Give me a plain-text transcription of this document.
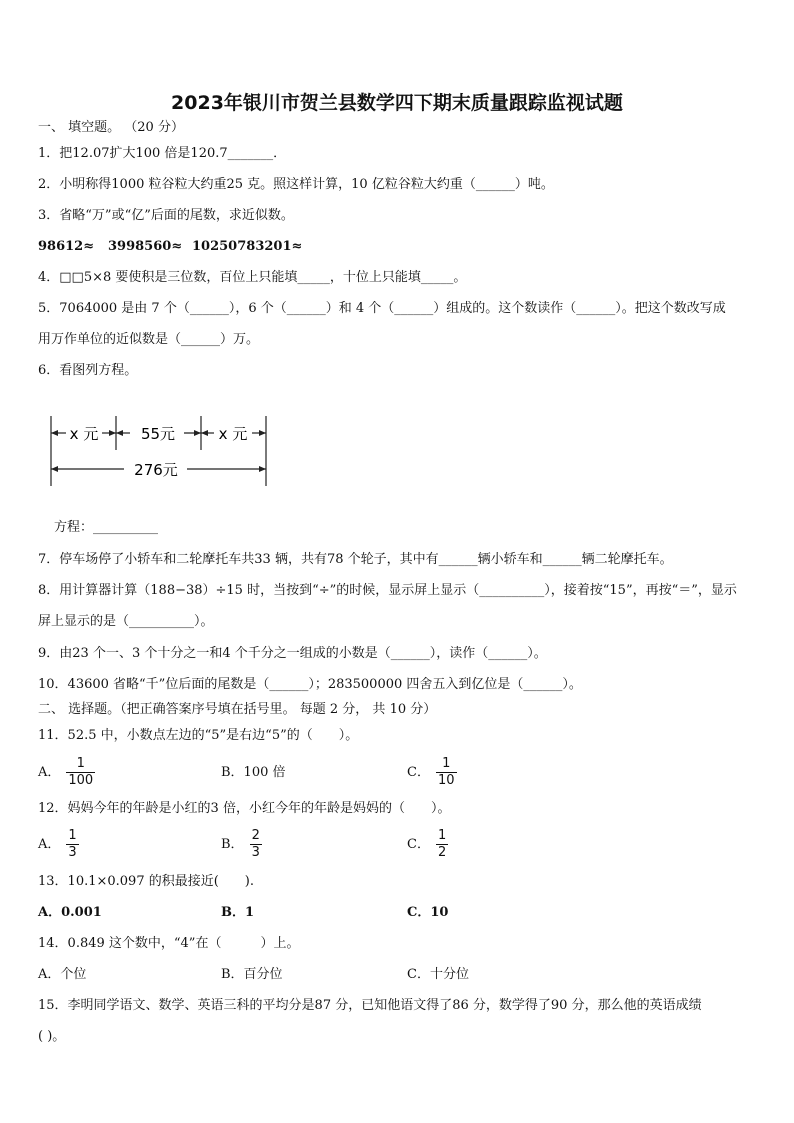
2023年银川市贺兰县数学四下期末质量跟踪监视试题
一、 填空题。 （20 分）
1．把12.07扩大100 倍是120.7_______．
2．小明称得1000 粒谷粒大约重25 克。照这样计算，10 亿粒谷粒大约重（______）吨。
3．省略“万”或“亿”后面的尾数，求近似数。
98612≈ 3998560≈ 10250783201≈
4．□□5×8 要使积是三位数，百位上只能填_____，十位上只能填_____。
5．7064000 是由 7 个（______），6 个（______）和 4 个（______）组成的。这个数读作（______）。把这个数改写成
用万作单位的近似数是（______）万。
6．看图列方程。
x 元	55元	x 元
276元
方程：__________
7．停车场停了小轿车和二轮摩托车共33 辆，共有78 个轮子，其中有______辆小轿车和______辆二轮摩托车。
8．用计算器计算（188−38）÷15 时，当按到“÷”的时候，显示屏上显示（__________），接着按“15”，再按“＝”，显示
屏上显示的是（__________）。
9．由23 个一、3 个十分之一和4 个千分之一组成的小数是（______），读作（______）。
10．43600 省略“千”位后面的尾数是（______）；283500000 四舍五入到亿位是（______）。
二、 选择题。（把正确答案序号填在括号里。 每题 2 分， 共 10 分）
11．52.5 中，小数点左边的“5”是右边“5”的（　　）。
A． $\frac{1}{100}$	B．100 倍	C． $\frac{1}{10}$
12．妈妈今年的年龄是小红的3 倍，小红今年的年龄是妈妈的（　　）。
A． $\frac{1}{3}$	B． $\frac{2}{3}$	C． $\frac{1}{2}$
13．10.1×0.097 的积最接近(　　).
A．0.001	B．1	C．10
14．0.849 这个数中，“4”在（　　　）上。
A．个位	B．百分位	C．十分位
15．李明同学语文、数学、英语三科的平均分是87 分，已知他语文得了86 分，数学得了90 分，那么他的英语成绩
( )。
